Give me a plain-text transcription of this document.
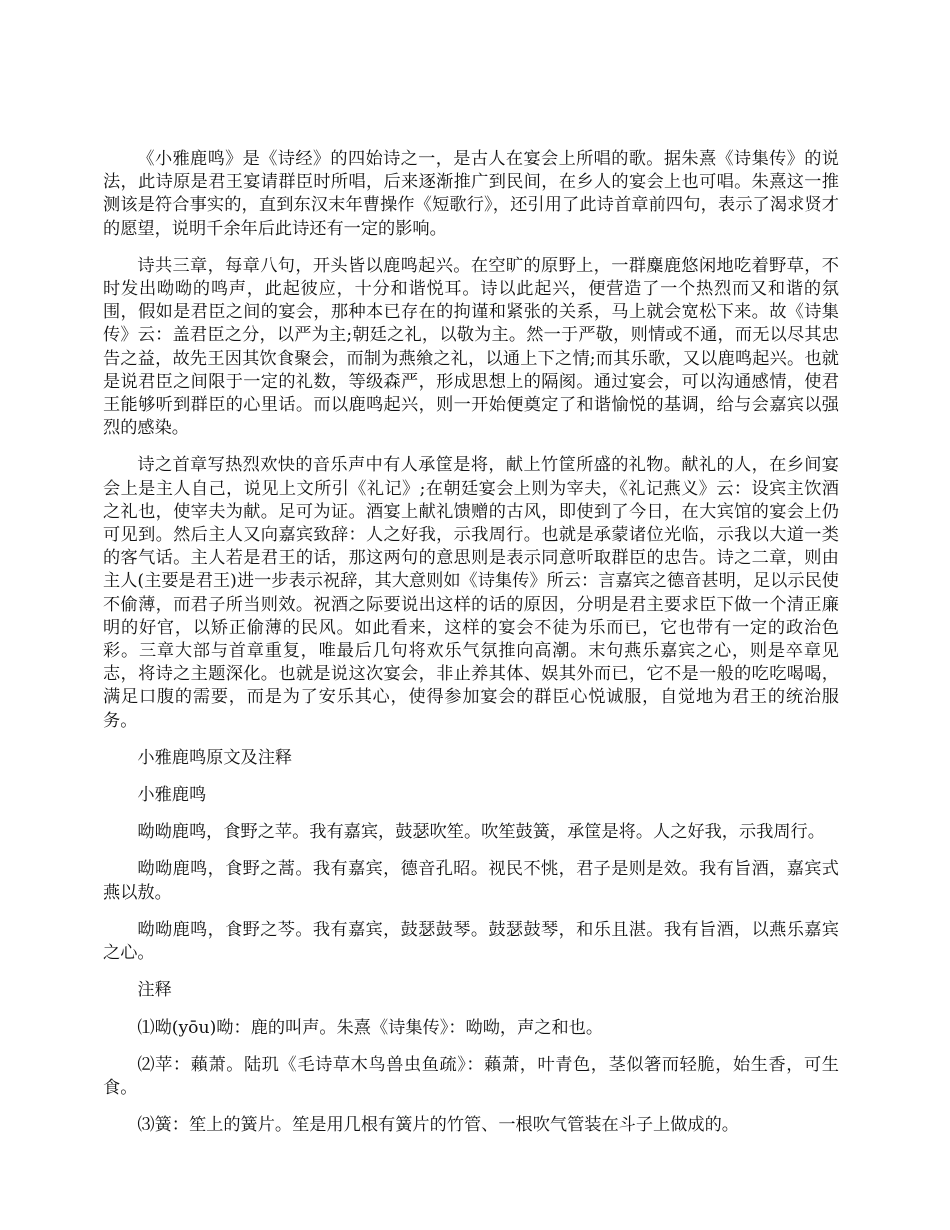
《小雅鹿鸣》是《诗经》的四始诗之一，是古人在宴会上所唱的歌。据朱熹《诗集传》的说法，此诗原是君王宴请群臣时所唱，后来逐渐推广到民间，在乡人的宴会上也可唱。朱熹这一推测该是符合事实的，直到东汉末年曹操作《短歌行》，还引用了此诗首章前四句，表示了渴求贤才的愿望，说明千余年后此诗还有一定的影响。

诗共三章，每章八句，开头皆以鹿鸣起兴。在空旷的原野上，一群麋鹿悠闲地吃着野草，不时发出呦呦的鸣声，此起彼应，十分和谐悦耳。诗以此起兴，便营造了一个热烈而又和谐的氛围，假如是君臣之间的宴会，那种本已存在的拘谨和紧张的关系，马上就会宽松下来。故《诗集传》云：盖君臣之分，以严为主;朝廷之礼，以敬为主。然一于严敬，则情或不通，而无以尽其忠告之益，故先王因其饮食聚会，而制为燕飨之礼，以通上下之情;而其乐歌，又以鹿鸣起兴。也就是说君臣之间限于一定的礼数，等级森严，形成思想上的隔阂。通过宴会，可以沟通感情，使君王能够听到群臣的心里话。而以鹿鸣起兴，则一开始便奠定了和谐愉悦的基调，给与会嘉宾以强烈的感染。

诗之首章写热烈欢快的音乐声中有人承筐是将，献上竹筐所盛的礼物。献礼的人，在乡间宴会上是主人自己，说见上文所引《礼记》;在朝廷宴会上则为宰夫，《礼记燕义》云：设宾主饮酒之礼也，使宰夫为献。足可为证。酒宴上献礼馈赠的古风，即使到了今日，在大宾馆的宴会上仍可见到。然后主人又向嘉宾致辞：人之好我，示我周行。也就是承蒙诸位光临，示我以大道一类的客气话。主人若是君王的话，那这两句的意思则是表示同意听取群臣的忠告。诗之二章，则由主人(主要是君王)进一步表示祝辞，其大意则如《诗集传》所云：言嘉宾之德音甚明，足以示民使不偷薄，而君子所当则效。祝酒之际要说出这样的话的原因，分明是君主要求臣下做一个清正廉明的好官，以矫正偷薄的民风。如此看来，这样的宴会不徒为乐而已，它也带有一定的政治色彩。三章大部与首章重复，唯最后几句将欢乐气氛推向高潮。末句燕乐嘉宾之心，则是卒章见志，将诗之主题深化。也就是说这次宴会，非止养其体、娱其外而已，它不是一般的吃吃喝喝，满足口腹的需要，而是为了安乐其心，使得参加宴会的群臣心悦诚服，自觉地为君王的统治服务。

小雅鹿鸣原文及注释

小雅鹿鸣

呦呦鹿鸣，食野之苹。我有嘉宾，鼓瑟吹笙。吹笙鼓簧，承筐是将。人之好我，示我周行。

呦呦鹿鸣，食野之蒿。我有嘉宾，德音孔昭。视民不恌，君子是则是效。我有旨酒，嘉宾式燕以敖。

呦呦鹿鸣，食野之芩。我有嘉宾，鼓瑟鼓琴。鼓瑟鼓琴，和乐且湛。我有旨酒，以燕乐嘉宾之心。

注释

⑴呦(yōu)呦：鹿的叫声。朱熹《诗集传》：呦呦，声之和也。

⑵苹：藾萧。陆玑《毛诗草木鸟兽虫鱼疏》：藾萧，叶青色，茎似箸而轻脆，始生香，可生食。

⑶簧：笙上的簧片。笙是用几根有簧片的竹管、一根吹气管装在斗子上做成的。
